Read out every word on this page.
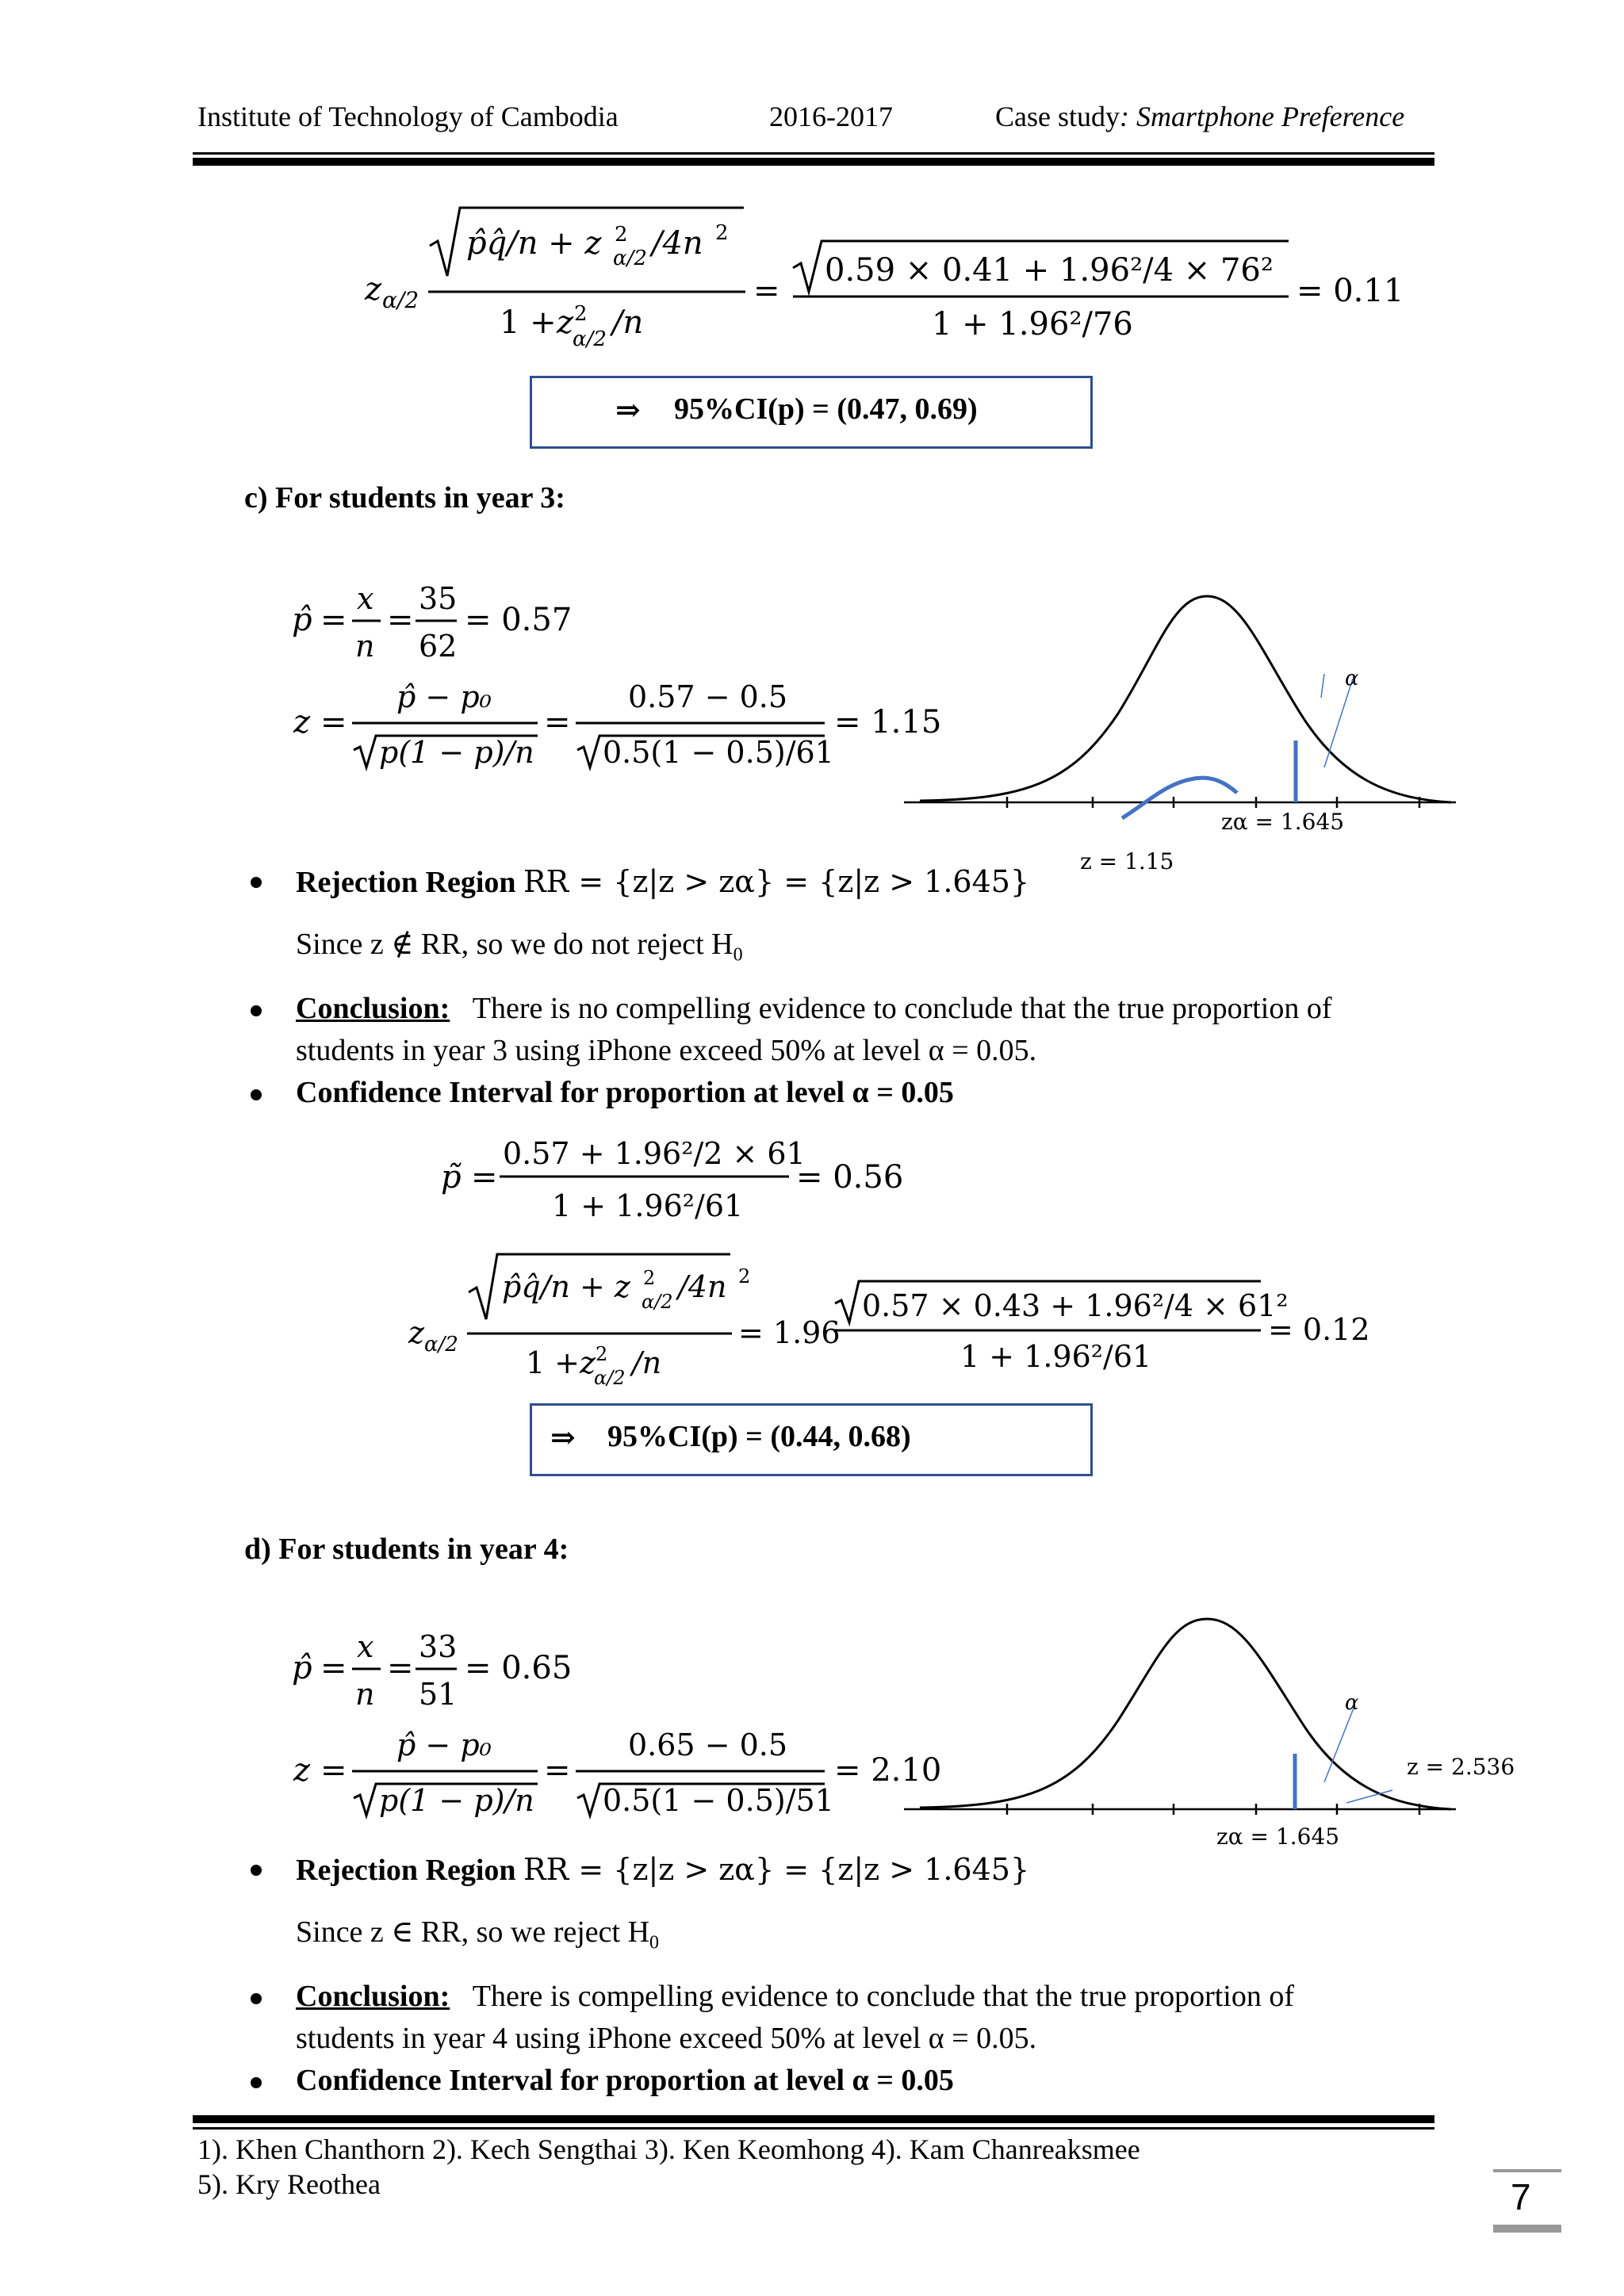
Institute of Technology of Cambodia	2016-2017	Case study: Smartphone Preference
z α/2
p̂q̂/n + z 2
α/2 /4n 2
1 + z 2
α/2 /n
=
0.59 × 0.41 + 1.96²/4 × 76²
1 + 1.96²/76
= 0.11
⇒ 95%CI(p) = (0.47, 0.69)
c) For students in year 3:
p̂ =
x
n
=
35
62
= 0.57
z =
p̂ − p₀
p(1 − p)/n
=
0.57 − 0.5
0.5(1 − 0.5)/61
= 1.15
α
zα = 1.645
z = 1.15
Rejection Region RR = {z|z > zα} = {z|z > 1.645}
Since z ∉ RR, so we do not reject $H_0$
Conclusion: There is no compelling evidence to conclude that the true proportion of
students in year 3 using iPhone exceed 50% at level α = 0.05.
Confidence Interval for proportion at level α = 0.05
p̃ =
0.57 + 1.96²/2 × 61
1 + 1.96²/61
= 0.56
z α/2
p̂q̂/n + z 2
α/2 /4n 2
1 + z 2
α/2 /n
= 1.96
0.57 × 0.43 + 1.96²/4 × 61²
1 + 1.96²/61
= 0.12
⇒ 95%CI(p) = (0.44, 0.68)
d) For students in year 4:
p̂ =
x
n
=
33
51
= 0.65
z =
p̂ − p₀
p(1 − p)/n
=
0.65 − 0.5
0.5(1 − 0.5)/51
= 2.10
α
zα = 1.645
z = 2.536
Rejection Region RR = {z|z > zα} = {z|z > 1.645}
Since z ∈ RR, so we reject $H_0$
Conclusion: There is compelling evidence to conclude that the true proportion of
students in year 4 using iPhone exceed 50% at level α = 0.05.
Confidence Interval for proportion at level α = 0.05
1). Khen Chanthorn 2). Kech Sengthai 3). Ken Keomhong 4). Kam Chanreaksmee
5). Kry Reothea	7
